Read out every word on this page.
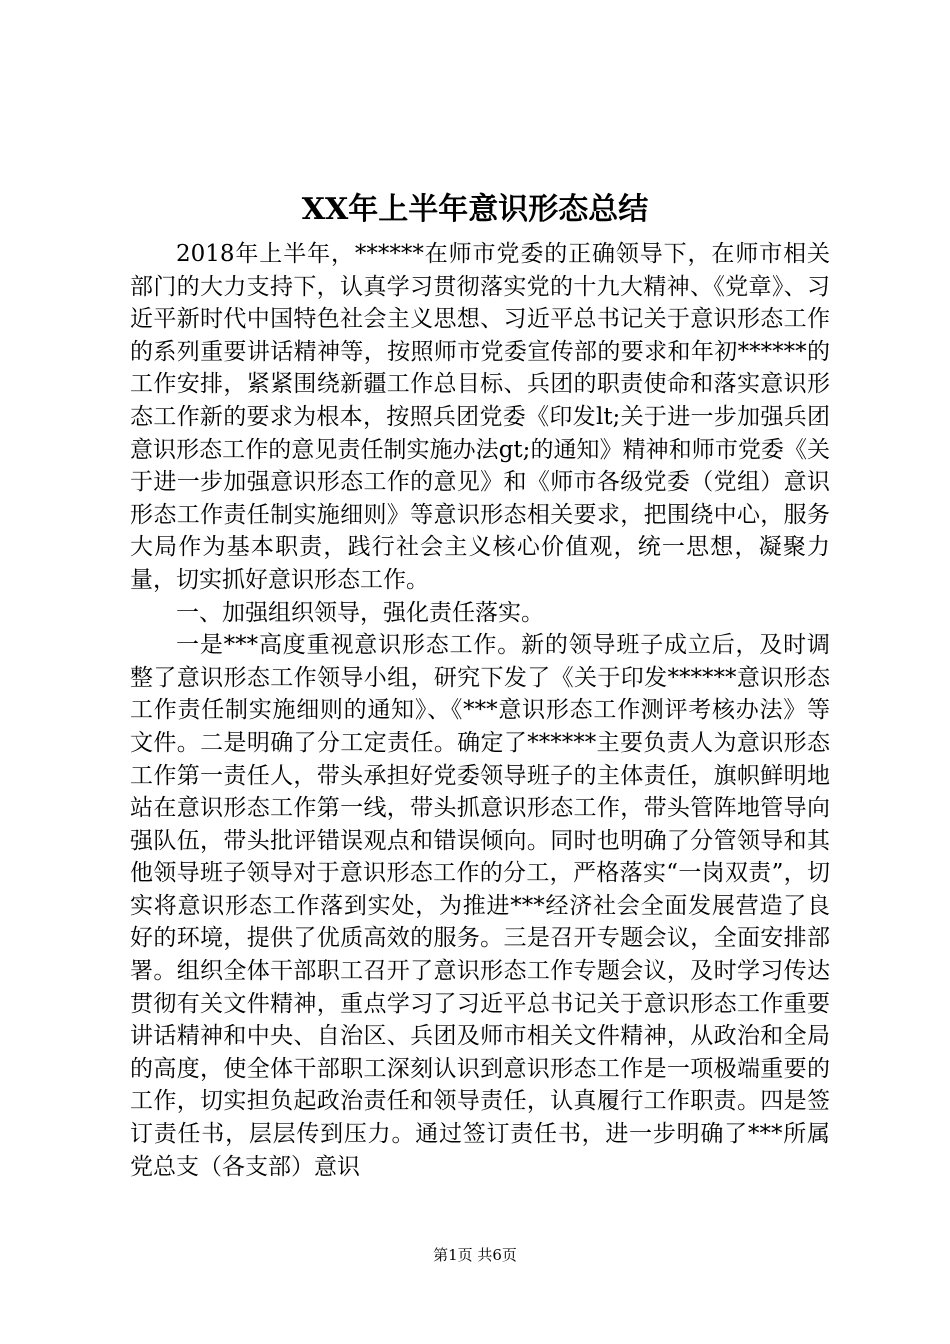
XX年上半年意识形态总结

2018年上半年，******在师市党委的正确领导下，在师市相关部门的大力支持下，认真学习贯彻落实党的十九大精神、《党章》、习近平新时代中国特色社会主义思想、习近平总书记关于意识形态工作的系列重要讲话精神等，按照师市党委宣传部的要求和年初******的工作安排，紧紧围绕新疆工作总目标、兵团的职责使命和落实意识形态工作新的要求为根本，按照兵团党委《印发lt;关于进一步加强兵团意识形态工作的意见责任制实施办法gt;的通知》精神和师市党委《关于进一步加强意识形态工作的意见》和《师市各级党委（党组）意识形态工作责任制实施细则》等意识形态相关要求，把围绕中心，服务大局作为基本职责，践行社会主义核心价值观，统一思想，凝聚力量，切实抓好意识形态工作。

一、加强组织领导，强化责任落实。

一是***高度重视意识形态工作。新的领导班子成立后，及时调整了意识形态工作领导小组，研究下发了《关于印发******意识形态工作责任制实施细则的通知》、《***意识形态工作测评考核办法》等文件。二是明确了分工定责任。确定了******主要负责人为意识形态工作第一责任人，带头承担好党委领导班子的主体责任，旗帜鲜明地站在意识形态工作第一线，带头抓意识形态工作，带头管阵地管导向强队伍，带头批评错误观点和错误倾向。同时也明确了分管领导和其他领导班子领导对于意识形态工作的分工，严格落实“一岗双责”，切实将意识形态工作落到实处，为推进***经济社会全面发展营造了良好的环境，提供了优质高效的服务。三是召开专题会议，全面安排部署。组织全体干部职工召开了意识形态工作专题会议，及时学习传达贯彻有关文件精神，重点学习了习近平总书记关于意识形态工作重要讲话精神和中央、自治区、兵团及师市相关文件精神，从政治和全局的高度，使全体干部职工深刻认识到意识形态工作是一项极端重要的工作，切实担负起政治责任和领导责任，认真履行工作职责。四是签订责任书，层层传到压力。通过签订责任书，进一步明确了***所属党总支（各支部）意识

第1页 共6页
